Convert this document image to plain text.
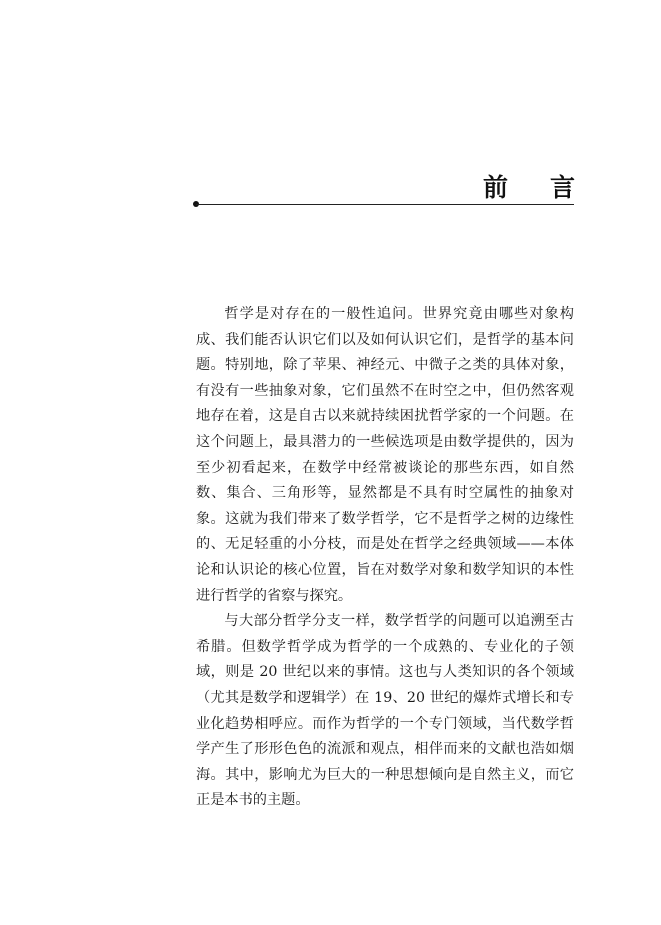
前 言

哲学是对存在的一般性追问。世界究竟由哪些对象构成、我们能否认识它们以及如何认识它们，是哲学的基本问题。特别地，除了苹果、神经元、中微子之类的具体对象，有没有一些抽象对象，它们虽然不在时空之中，但仍然客观地存在着，这是自古以来就持续困扰哲学家的一个问题。在这个问题上，最具潜力的一些候选项是由数学提供的，因为至少初看起来，在数学中经常被谈论的那些东西，如自然数、集合、三角形等，显然都是不具有时空属性的抽象对象。这就为我们带来了数学哲学，它不是哲学之树的边缘性的、无足轻重的小分枝，而是处在哲学之经典领域——本体论和认识论的核心位置，旨在对数学对象和数学知识的本性进行哲学的省察与探究。

与大部分哲学分支一样，数学哲学的问题可以追溯至古希腊。但数学哲学成为哲学的一个成熟的、专业化的子领域，则是 20 世纪以来的事情。这也与人类知识的各个领域（尤其是数学和逻辑学）在 19、20 世纪的爆炸式增长和专业化趋势相呼应。而作为哲学的一个专门领域，当代数学哲学产生了形形色色的流派和观点，相伴而来的文献也浩如烟海。其中，影响尤为巨大的一种思想倾向是自然主义，而它正是本书的主题。
